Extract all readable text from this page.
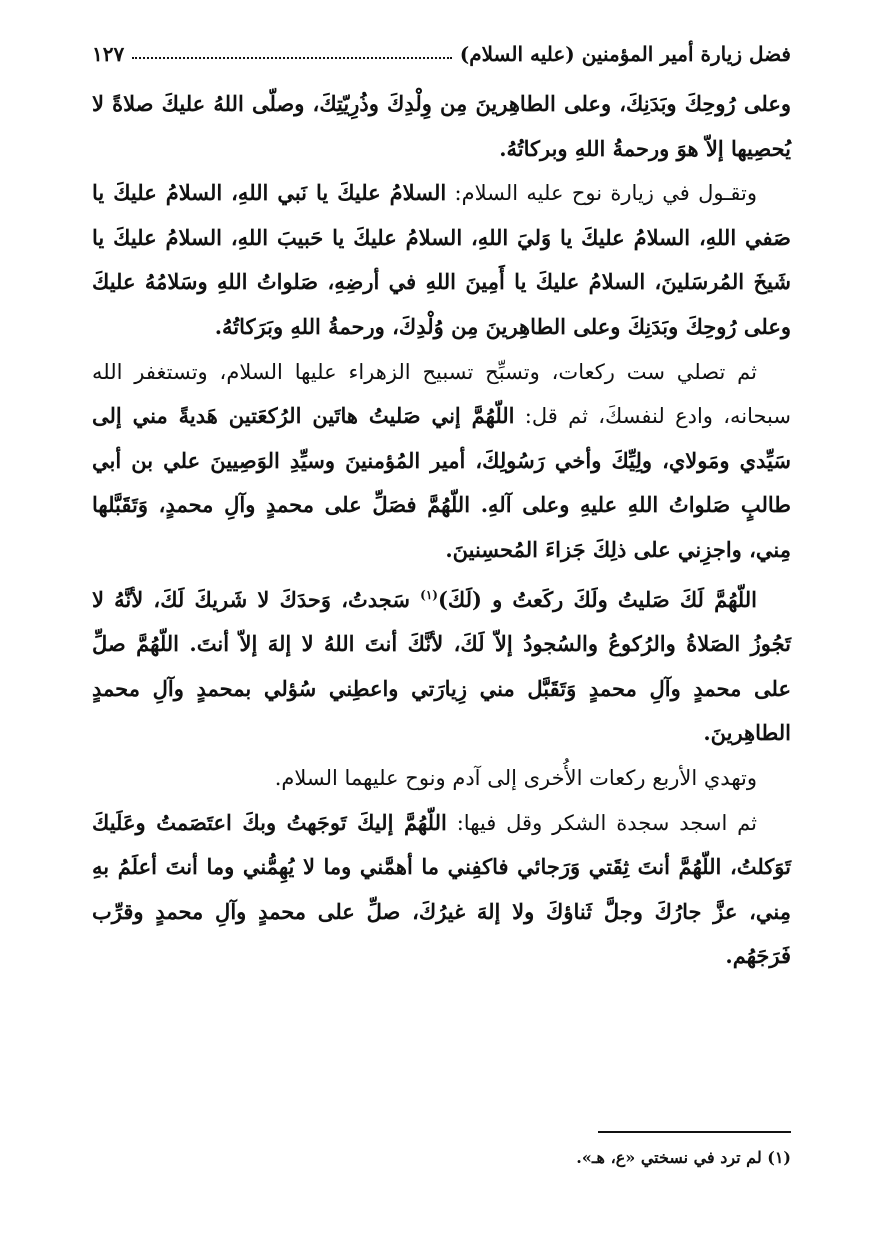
فضل زيارة أمير المؤمنين (عليه السلام)
١٢٧

وعلى رُوحِكَ وبَدَنِكَ، وعلى الطاهِرينَ مِن وِلْدِكَ وذُرِيّتِكَ، وصلّى اللهُ عليكَ صلاةً لا يُحصِيها إلاّ هوَ ورحمةُ اللهِ وبركاتُهُ.

وتقـول في زيارة نوح عليه السلام: السلامُ عليكَ يا نَبي اللهِ، السلامُ عليكَ يا صَفي اللهِ، السلامُ عليكَ يا وَليَ اللهِ، السلامُ عليكَ يا حَبيبَ اللهِ، السلامُ عليكَ يا شَيخَ المُرسَلينَ، السلامُ عليكَ يا أَمِينَ اللهِ في أرضِهِ، صَلواتُ اللهِ وسَلامُهُ عليكَ وعلى رُوحِكَ وبَدَنِكَ وعلى الطاهِرينَ مِن وُلْدِكَ، ورحمةُ اللهِ وبَرَكاتُهُ.

ثم تصلي ست ركعات، وتسبِّح تسبيح الزهراء عليها السلام، وتستغفر الله سبحانه، وادع لنفسكَ، ثم قل: اللّهُمَّ إني صَليتُ هاتَين الرُكعَتين هَديةً مني إلى سَيِّدي ومَولاي، ولِيِّكَ وأخي رَسُولِكَ، أمير المُؤمنينَ وسيِّدِ الوَصِيينَ علي بن أبي طالبٍ صَلواتُ اللهِ عليهِ وعلى آلهِ. اللّهُمَّ فصَلِّ على محمدٍ وآلِ محمدٍ، وَتَقَبَّلها مِني، واجزِني على ذلِكَ جَزاءَ المُحسِنينَ.

اللّهُمَّ لَكَ صَليتُ ولَكَ ركَعتُ و (لَكَ)$^{(١)}$ سَجدتُ، وَحدَكَ لا شَريكَ لَكَ، لأنَّهُ لا تَجُوزُ الصَلاةُ والرُكوعُ والسُجودُ إلاّ لَكَ، لأنَّكَ أنتَ اللهُ لا إلهَ إلاّ أنتَ. اللّهُمَّ صلِّ على محمدٍ وآلِ محمدٍ وَتَقَبَّل مني زِيارَتي واعطِني سُؤلي بمحمدٍ وآلِ محمدٍ الطاهِرينَ.

وتهدي الأربع ركعات الأُخرى إلى آدم ونوح عليهما السلام.

ثم اسجد سجدة الشكر وقل فيها: اللّهُمَّ إليكَ تَوجَهتُ وبكَ اعتَصَمتُ وعَلَيكَ تَوَكلتُ، اللّهُمَّ أنتَ ثِقَتي وَرَجائي فاكفِني ما أهمَّني وما لا يُهِمُّني وما أنتَ أعلَمُ بهِ مِني، عزَّ جارُكَ وجلَّ ثَناؤكَ ولا إلهَ غيرُكَ، صلِّ على محمدٍ وآلِ محمدٍ وقرِّب فَرَجَهُم.

(١) لم ترد في نسختي «ع، هـ».
